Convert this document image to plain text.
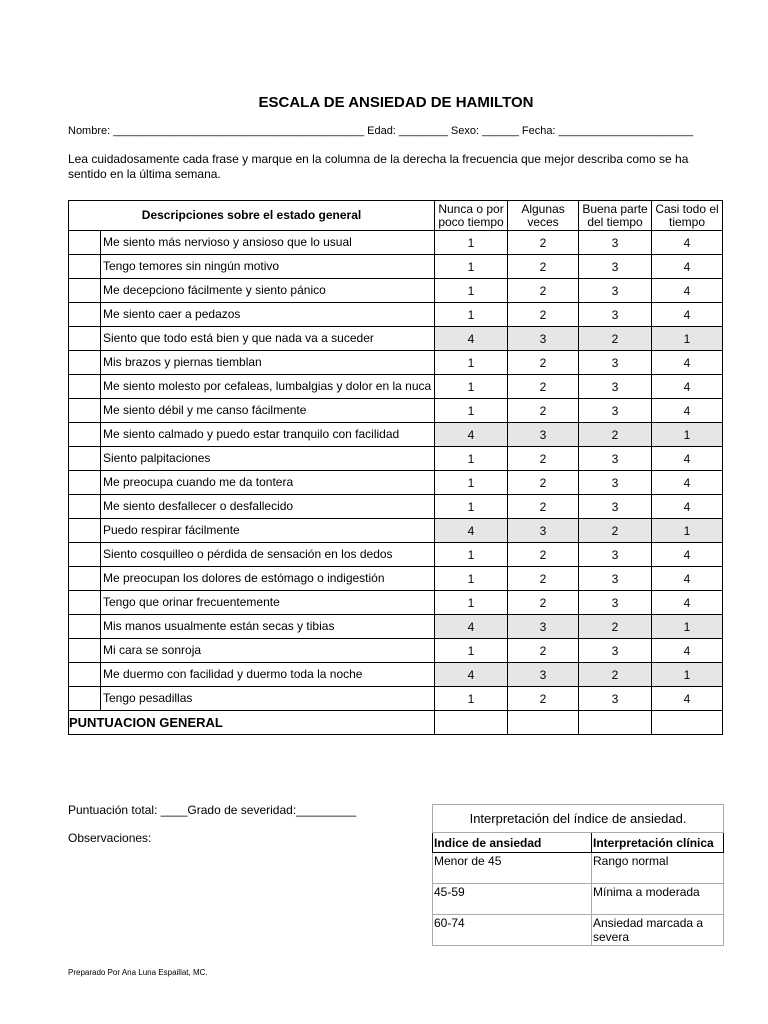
ESCALA DE ANSIEDAD DE HAMILTON
Nombre: _________________________________________ Edad: ________ Sexo: ______ Fecha: ______________________
Lea cuidadosamente cada frase y marque en la columna de la derecha la frecuencia que mejor describa como se ha sentido en la última semana.
Descripciones sobre el estado general		Nunca o por poco tiempo	Algunas veces	Buena parte del tiempo	Casi todo el tiempo
	Me siento más nervioso y ansioso que lo usual	1	2	3	4
	Tengo temores sin ningún motivo	1	2	3	4
	Me decepciono fácilmente y siento pánico	1	2	3	4
	Me siento caer a pedazos	1	2	3	4
	Siento que todo está bien y que nada va a suceder	4	3	2	1
	Mis brazos y piernas tiemblan	1	2	3	4
	Me siento molesto por cefaleas, lumbalgias y dolor en la nuca	1	2	3	4
	Me siento débil y me canso fácilmente	1	2	3	4
	Me siento calmado y puedo estar tranquilo con facilidad	4	3	2	1
	Siento palpitaciones	1	2	3	4
	Me preocupa cuando me da tontera	1	2	3	4
	Me siento desfallecer o desfallecido	1	2	3	4
	Puedo respirar fácilmente	4	3	2	1
	Siento cosquilleo o pérdida de sensación en los dedos	1	2	3	4
	Me preocupan los dolores de estómago o indigestión	1	2	3	4
	Tengo que orinar frecuentemente	1	2	3	4
	Mis manos usualmente están secas y tibias	4	3	2	1
	Mi cara se sonroja	1	2	3	4
	Me duermo con facilidad y duermo toda la noche	4	3	2	1
	Tengo pesadillas	1	2	3	4
PUNTUACION GENERAL					
Puntuación total: ____Grado de severidad:_________
Observaciones:
Interpretación del índice de ansiedad.	
Indice de ansiedad	Interpretación clínica
Menor de 45	Rango normal
45-59	Mínima a moderada
60-74	Ansiedad marcada a severa
Preparado Por Ana Luna Espaillat, MC.
